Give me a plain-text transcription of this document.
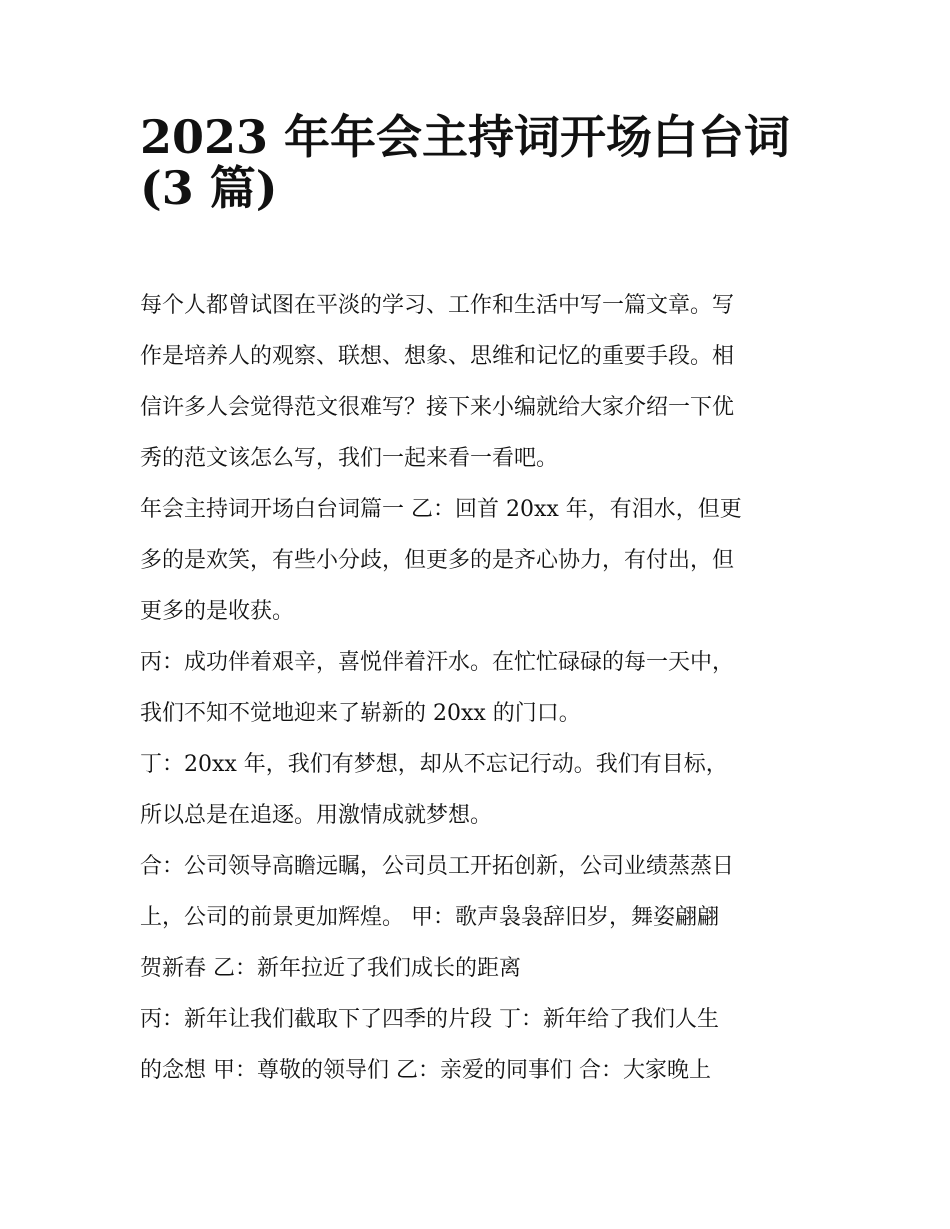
2023 年年会主持词开场白台词
(3 篇)
每个人都曾试图在平淡的学习、工作和生活中写一篇文章。写
作是培养人的观察、联想、想象、思维和记忆的重要手段。相
信许多人会觉得范文很难写？接下来小编就给大家介绍一下优
秀的范文该怎么写，我们一起来看一看吧。
年会主持词开场白台词篇一 乙：回首 20xx 年，有泪水，但更
多的是欢笑，有些小分歧，但更多的是齐心协力，有付出，但
更多的是收获。
丙：成功伴着艰辛，喜悦伴着汗水。在忙忙碌碌的每一天中，
我们不知不觉地迎来了崭新的 20xx 的门口。
丁：20xx 年，我们有梦想，却从不忘记行动。我们有目标，
所以总是在追逐。用激情成就梦想。
合：公司领导高瞻远瞩，公司员工开拓创新，公司业绩蒸蒸日
上，公司的前景更加辉煌。 甲：歌声袅袅辞旧岁，舞姿翩翩
贺新春 乙：新年拉近了我们成长的距离
丙：新年让我们截取下了四季的片段 丁：新年给了我们人生
的念想 甲：尊敬的领导们 乙：亲爱的同事们 合：大家晚上
